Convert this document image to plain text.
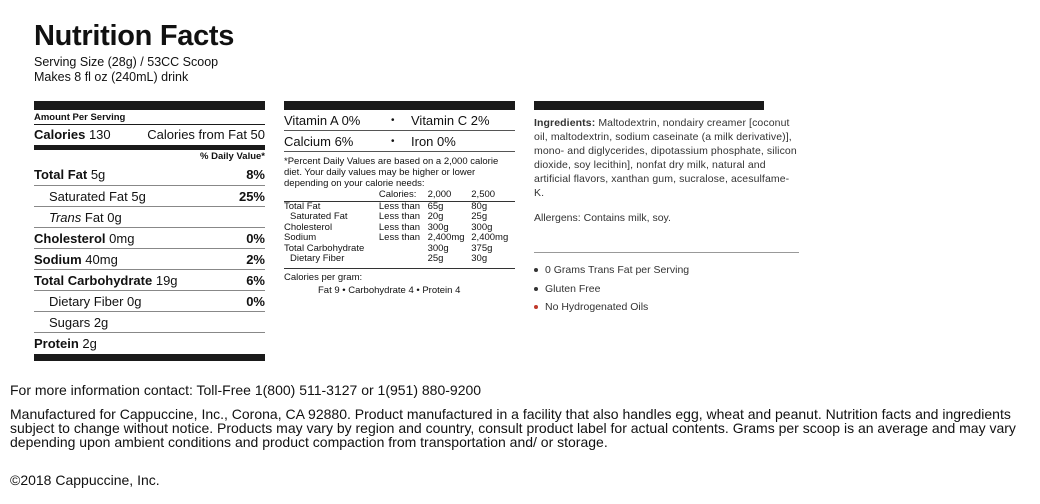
Nutrition Facts
Serving Size (28g) / 53CC Scoop
Makes 8 fl oz (240mL) drink
Amount Per Serving
Calories 130	Calories from Fat 50
% Daily Value*
Total Fat 5g	8%
Saturated Fat 5g	25%
Trans Fat 0g
Cholesterol 0mg	0%
Sodium 40mg	2%
Total Carbohydrate 19g	6%
Dietary Fiber 0g	0%
Sugars 2g
Protein 2g
Vitamin A 0%	•	Vitamin C 2%
Calcium 6%	•	Iron 0%
*Percent Daily Values are based on a 2,000 calorie diet. Your daily values may be higher or lower depending on your calorie needs:
	Calories:	2,000	2,500
Total Fat	Less than	65g	80g
Saturated Fat	Less than	20g	25g
Cholesterol	Less than	300g	300g
Sodium	Less than	2,400mg	2,400mg
Total Carbohydrate		300g	375g
Dietary Fiber		25g	30g
Calories per gram:
Fat 9 • Carbohydrate 4 • Protein 4
Ingredients: Maltodextrin, nondairy creamer [coconut oil, maltodextrin, sodium caseinate (a milk derivative)], mono- and diglycerides, dipotassium phosphate, silicon dioxide, soy lecithin], nonfat dry milk, natural and artificial flavors, xanthan gum, sucralose, acesulfame-K.
Allergens: Contains milk, soy.
0 Grams Trans Fat per Serving
Gluten Free
No Hydrogenated Oils
For more information contact: Toll-Free 1(800) 511-3127 or 1(951) 880-9200
Manufactured for Cappuccine, Inc., Corona, CA 92880. Product manufactured in a facility that also handles egg, wheat and peanut. Nutrition facts and ingredients subject to change without notice. Products may vary by region and country, consult product label for actual contents. Grams per scoop is an average and may vary depending upon ambient conditions and product compaction from transportation and/ or storage.
©2018 Cappuccine, Inc.
